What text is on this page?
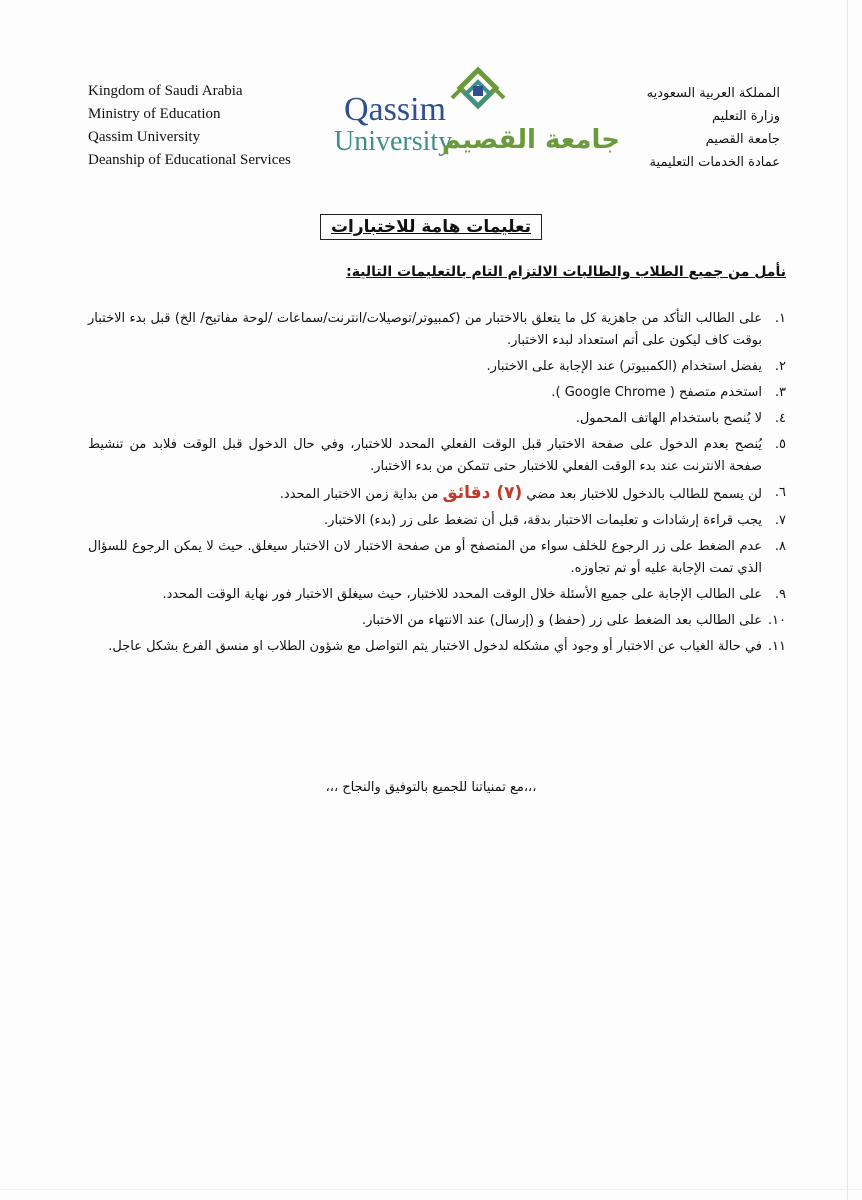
Kingdom of Saudi Arabia
Ministry of Education
Qassim University
Deanship of Educational Services
Qassim
University
جامعة القصيم
المملكة العربية السعوديه
وزارة التعليم
جامعة القصيم
عمادة الخدمات التعليمية
تعليمات هامة للاختبارات
نأمل من جميع الطلاب والطالبات الالتزام التام بالتعليمات التالية:
١.
على الطالب التأكد من جاهزية كل ما يتعلق بالاختبار من (كمبيوتر/توصيلات/انترنت/سماعات /لوحة مفاتيح/ الخ) قبل بدء الاختبار بوقت كاف ليكون على أتم استعداد لبدء الاختبار.
٢.
يفضل استخدام (الكمبيوتر) عند الإجابة على الاختبار.
٣.
استخدم متصفح ( Google Chrome ).
٤.
لا يُنصح باستخدام الهاتف المحمول.
٥.
يُنصح بعدم الدخول على صفحة الاختبار قبل الوقت الفعلي المحدد للاختبار، وفي حال الدخول قبل الوقت فلابد من تنشيط صفحة الانترنت عند بدء الوقت الفعلي للاختبار حتى تتمكن من بدء الاختبار.
٦.
لن يسمح للطالب بالدخول للاختبار بعد مضي (٧) دقائق من بداية زمن الاختبار المحدد.
٧.
يجب قراءة إرشادات و تعليمات الاختبار بدقة، قبل أن تضغط على زر (بدء) الاختبار.
٨.
عدم الضغط على زر الرجوع للخلف سواء من المتصفح أو من صفحة الاختبار لان الاختبار سيغلق. حيث لا يمكن الرجوع للسؤال الذي تمت الإجابة عليه أو تم تجاوزه.
٩.
على الطالب الإجابة على جميع الأسئلة خلال الوقت المحدد للاختبار، حيث سيغلق الاختبار فور نهاية الوقت المحدد.
١٠.
على الطالب بعد الضغط على زر (حفظ) و (إرسال) عند الانتهاء من الاختبار.
١١.
في حالة الغياب عن الاختبار أو وجود أي مشكله لدخول الاختبار يتم التواصل مع شؤون الطلاب او منسق الفرع بشكل عاجل.
،،،مع تمنياتنا للجميع بالتوفيق والنجاح ،،،
